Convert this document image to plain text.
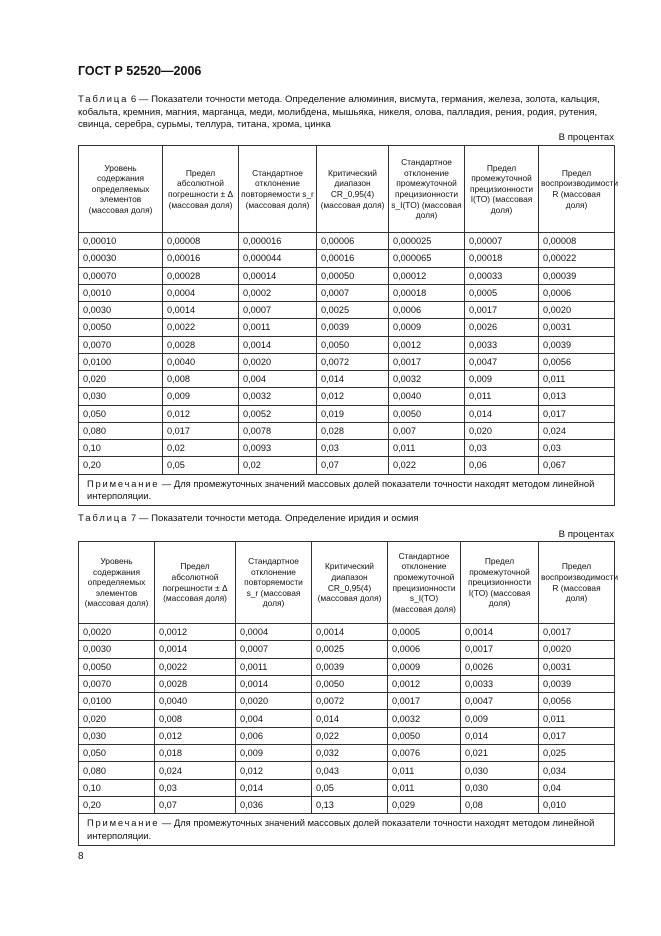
ГОСТ Р 52520—2006
Таблица 6 — Показатели точности метода. Определение алюминия, висмута, германия, железа, золота, кальция, кобальта, кремния, магния, марганца, меди, молибдена, мышьяка, никеля, олова, палладия, рения, родия, рутения, свинца, серебра, сурьмы, теллура, титана, хрома, цинка
В процентах
Уровень содержания определяемых элементов (массовая доля)	Предел абсолютной погрешности ± Δ (массовая доля)	Стандартное отклонение повторяемости s_r (массовая доля)	Критический диапазон CR_0,95(4) (массовая доля)	Стандартное отклонение промежуточной прецизионности s_I(TO) (массовая доля)	Предел промежуточной прецизионности I(TO) (массовая доля)	Предел воспроизводимости R (массовая доля)
0,00010	0,00008	0,000016	0,00006	0,000025	0,00007	0,00008
0,00030	0,00016	0,000044	0,00016	0,000065	0,00018	0,00022
0,00070	0,00028	0,00014	0,00050	0,00012	0,00033	0,00039
0,0010	0,0004	0,0002	0,0007	0,00018	0,0005	0,0006
0,0030	0,0014	0,0007	0,0025	0,0006	0,0017	0,0020
0,0050	0,0022	0,0011	0,0039	0,0009	0,0026	0,0031
0,0070	0,0028	0,0014	0,0050	0,0012	0,0033	0,0039
0,0100	0,0040	0,0020	0,0072	0,0017	0,0047	0,0056
0,020	0,008	0,004	0,014	0,0032	0,009	0,011
0,030	0,009	0,0032	0,012	0,0040	0,011	0,013
0,050	0,012	0,0052	0,019	0,0050	0,014	0,017
0,080	0,017	0,0078	0,028	0,007	0,020	0,024
0,10	0,02	0,0093	0,03	0,011	0,03	0,03
0,20	0,05	0,02	0,07	0,022	0,06	0,067
Примечание — Для промежуточных значений массовых долей показатели точности находят методом линейной интерполяции.						
Таблица 7 — Показатели точности метода. Определение иридия и осмия
В процентах
Уровень содержания определяемых элементов (массовая доля)	Предел абсолютной погрешности ± Δ (массовая доля)	Стандартное отклонение повторяемости s_r (массовая доля)	Критический диапазон CR_0,95(4) (массовая доля)	Стандартное отклонение промежуточной прецизионности s_I(TO) (массовая доля)	Предел промежуточной прецизионности I(TO) (массовая доля)	Предел воспроизводимости R (массовая доля)
0,0020	0,0012	0,0004	0,0014	0,0005	0,0014	0,0017
0,0030	0,0014	0,0007	0,0025	0,0006	0,0017	0,0020
0,0050	0,0022	0,0011	0,0039	0,0009	0,0026	0,0031
0,0070	0,0028	0,0014	0,0050	0,0012	0,0033	0,0039
0,0100	0,0040	0,0020	0,0072	0,0017	0,0047	0,0056
0,020	0,008	0,004	0,014	0,0032	0,009	0,011
0,030	0,012	0,006	0,022	0,0050	0,014	0,017
0,050	0,018	0,009	0,032	0,0076	0,021	0,025
0,080	0,024	0,012	0,043	0,011	0,030	0,034
0,10	0,03	0,014	0,05	0,011	0,030	0,04
0,20	0,07	0,036	0,13	0,029	0,08	0,010
Примечание — Для промежуточных значений массовых долей показатели точности находят методом линейной интерполяции.						
8
